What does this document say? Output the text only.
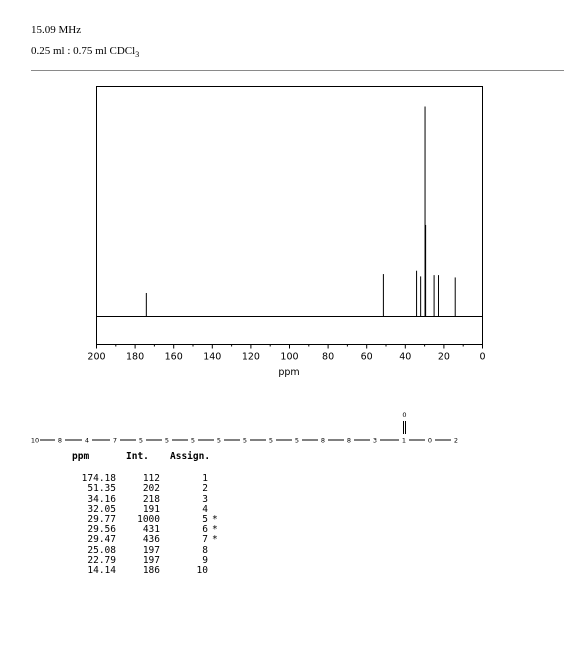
15.09 MHz
0.25 ml : 0.75 ml CDCl$_3$
200 180 160 140 120 100 80	60	40	20	0
ppm
10	8	4	7	5	5	5	5	5	5	5	8	8	3	1	0	2
0
ppm	Int.	Assign.	
174.18	112	1	
51.35	202	2	
34.16	218	3	
32.05	191	4	
29.77	1000	5	*
29.56	431	6	*
29.47	436	7	*
25.08	197	8	
22.79	197	9	
14.14	186	10	
